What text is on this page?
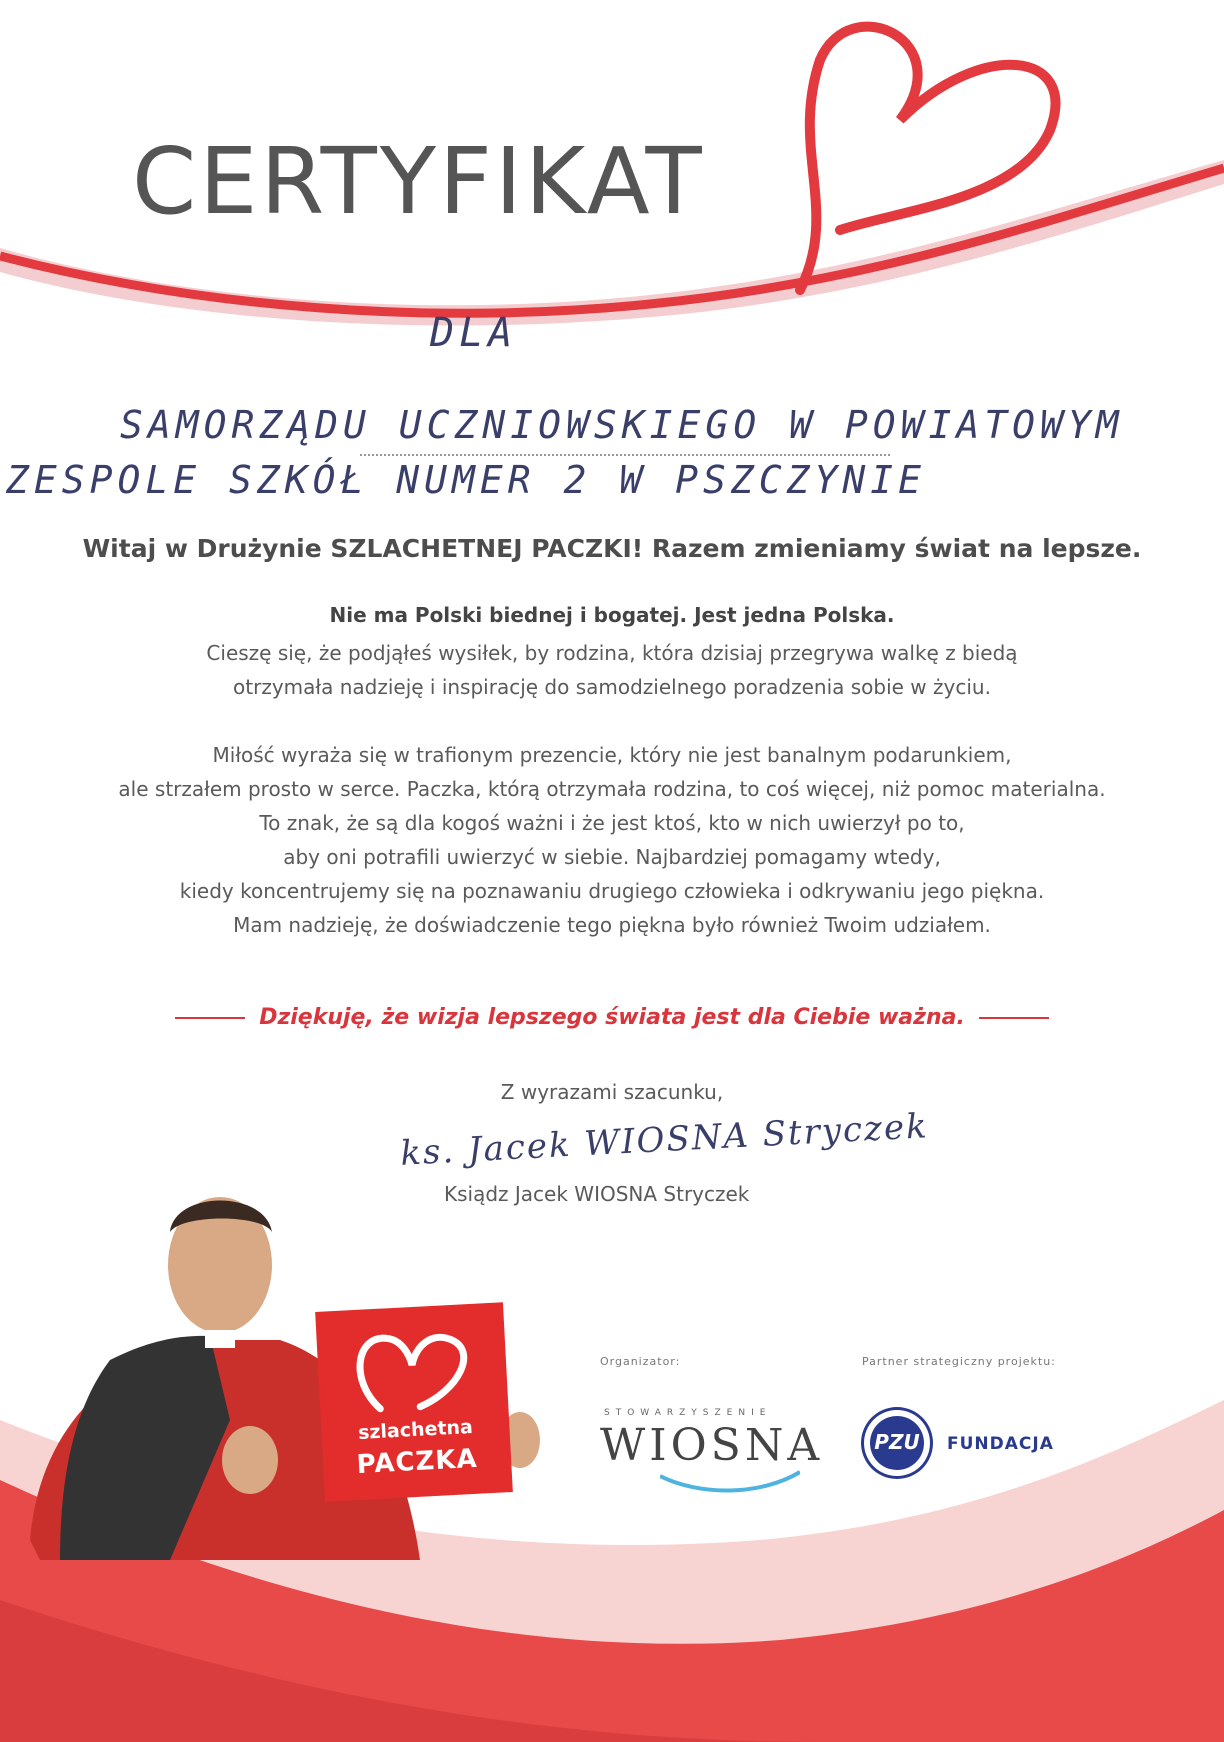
CERTYFIKAT
DLA
SAMORZĄDU UCZNIOWSKIEGO W POWIATOWYM
ZESPOLE SZKÓŁ NUMER 2 W PSZCZYNIE
Witaj w Drużynie SZLACHETNEJ PACZKI! Razem zmieniamy świat na lepsze.
Nie ma Polski biednej i bogatej. Jest jedna Polska.
Cieszę się, że podjąłeś wysiłek, by rodzina, która dzisiaj przegrywa walkę z biedą
otrzymała nadzieję i inspirację do samodzielnego poradzenia sobie w życiu.
Miłość wyraża się w trafionym prezencie, który nie jest banalnym podarunkiem,
ale strzałem prosto w serce. Paczka, którą otrzymała rodzina, to coś więcej, niż pomoc materialna.
To znak, że są dla kogoś ważni i że jest ktoś, kto w nich uwierzył po to,
aby oni potrafili uwierzyć w siebie. Najbardziej pomagamy wtedy,
kiedy koncentrujemy się na poznawaniu drugiego człowieka i odkrywaniu jego piękna.
Mam nadzieję, że doświadczenie tego piękna było również Twoim udziałem.
Dziękuję, że wizja lepszego świata jest dla Ciebie ważna.
Z wyrazami szacunku,
ks. Jacek WIOSNA Stryczek
Ksiądz Jacek WIOSNA Stryczek
szlachetna
PACZKA
Organizator:	Partner strategiczny projektu:
STOWARZYSZENIE
WIOSNA	PZU	FUNDACJA
